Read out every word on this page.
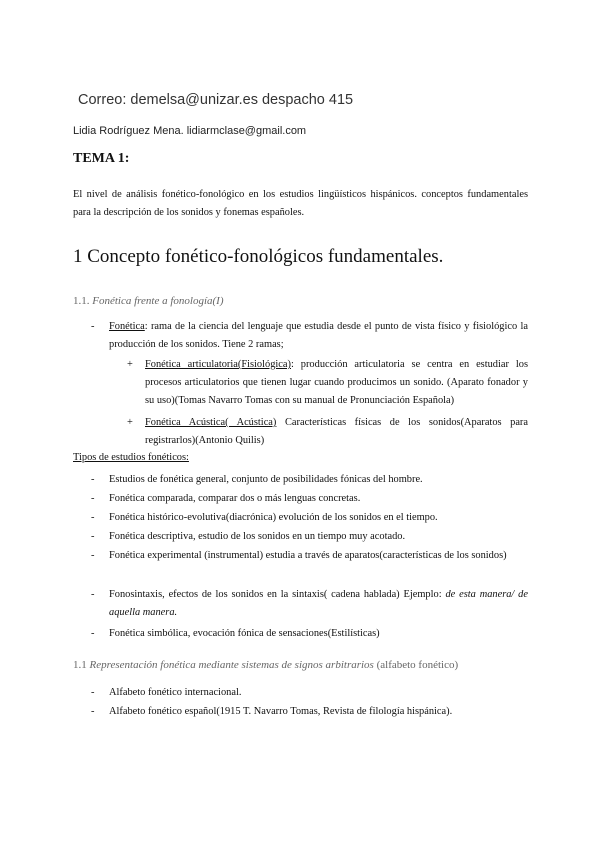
Correo: demelsa@unizar.es despacho 415
Lidia Rodríguez Mena. lidiarmclase@gmail.com
TEMA 1:
El nivel de análisis fonético-fonológico en los estudios lingüísticos hispánicos. conceptos fundamentales para la descripción de los sonidos y fonemas españoles.
1 Concepto fonético-fonológicos fundamentales.
1.1. Fonética frente a fonología(I)
- Fonética: rama de la ciencia del lenguaje que estudia desde el punto de vista físico y fisiológico la producción de los sonidos. Tiene 2 ramas;
+ Fonética articulatoria(Fisiológica): producción articulatoria se centra en estudiar los procesos articulatorios que tienen lugar cuando producimos un sonido. (Aparato fonador y su uso)(Tomas Navarro Tomas con su manual de Pronunciación Española)
+ Fonética Acústica( Acústica) Características físicas de los sonidos(Aparatos para registrarlos)(Antonio Quilis)
Tipos de estudios fonéticos:
- Estudios de fonética general, conjunto de posibilidades fónicas del hombre.
- Fonética comparada, comparar dos o más lenguas concretas.
- Fonética histórico-evolutiva(diacrónica) evolución de los sonidos en el tiempo.
- Fonética descriptiva, estudio de los sonidos en un tiempo muy acotado.
- Fonética experimental (instrumental) estudia a través de aparatos(características de los sonidos)
- Fonosintaxis, efectos de los sonidos en la sintaxis( cadena hablada) Ejemplo: de esta manera/ de aquella manera.
- Fonética simbólica, evocación fónica de sensaciones(Estilísticas)
1.1 Representación fonética mediante sistemas de signos arbitrarios (alfabeto fonético)
- Alfabeto fonético internacional.
- Alfabeto fonético español(1915 T. Navarro Tomas, Revista de filología hispánica).
